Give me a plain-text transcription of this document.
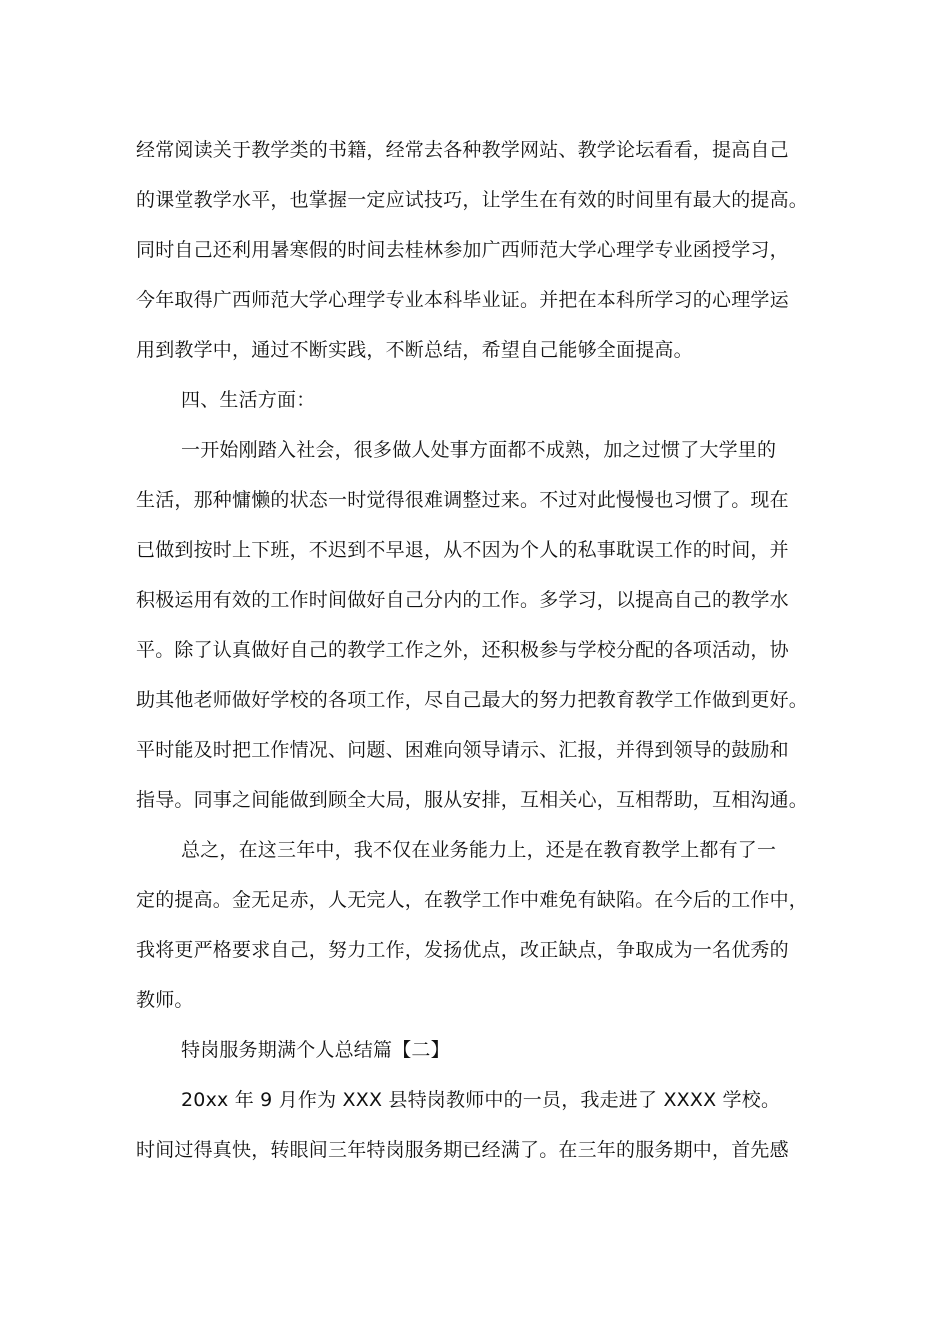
经常阅读关于教学类的书籍，经常去各种教学网站、教学论坛看看，提高自己
的课堂教学水平，也掌握一定应试技巧，让学生在有效的时间里有最大的提高。
同时自己还利用暑寒假的时间去桂林参加广西师范大学心理学专业函授学习，
今年取得广西师范大学心理学专业本科毕业证。并把在本科所学习的心理学运
用到教学中，通过不断实践，不断总结，希望自己能够全面提高。
四、生活方面：
一开始刚踏入社会，很多做人处事方面都不成熟，加之过惯了大学里的
生活，那种慵懒的状态一时觉得很难调整过来。不过对此慢慢也习惯了。现在
已做到按时上下班，不迟到不早退，从不因为个人的私事耽误工作的时间，并
积极运用有效的工作时间做好自己分内的工作。多学习，以提高自己的教学水
平。除了认真做好自己的教学工作之外，还积极参与学校分配的各项活动，协
助其他老师做好学校的各项工作，尽自己最大的努力把教育教学工作做到更好。
平时能及时把工作情况、问题、困难向领导请示、汇报，并得到领导的鼓励和
指导。同事之间能做到顾全大局，服从安排，互相关心，互相帮助，互相沟通。
总之，在这三年中，我不仅在业务能力上，还是在教育教学上都有了一
定的提高。金无足赤，人无完人，在教学工作中难免有缺陷。在今后的工作中，
我将更严格要求自己，努力工作，发扬优点，改正缺点，争取成为一名优秀的
教师。
特岗服务期满个人总结篇【二】
20xx 年 9 月作为 XXX 县特岗教师中的一员，我走进了 XXXX 学校。
时间过得真快，转眼间三年特岗服务期已经满了。在三年的服务期中，首先感
